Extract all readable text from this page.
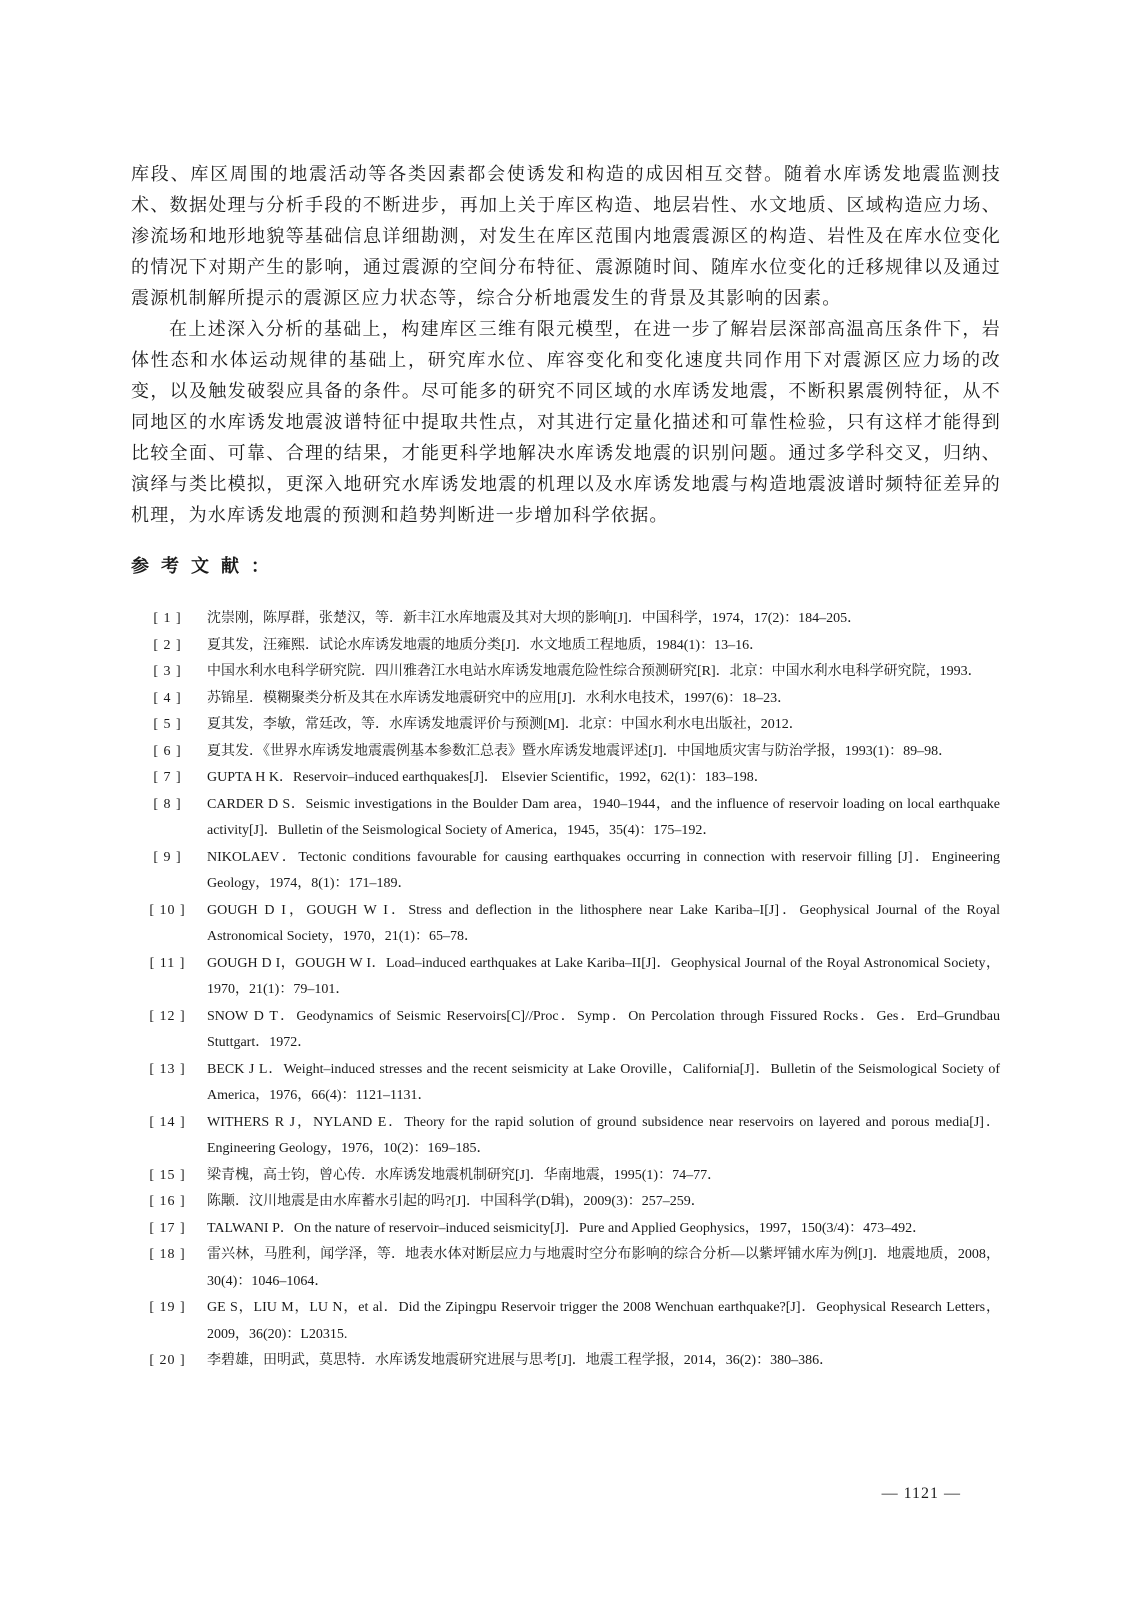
库段、库区周围的地震活动等各类因素都会使诱发和构造的成因相互交替。随着水库诱发地震监测技术、数据处理与分析手段的不断进步，再加上关于库区构造、地层岩性、水文地质、区域构造应力场、渗流场和地形地貌等基础信息详细勘测，对发生在库区范围内地震震源区的构造、岩性及在库水位变化的情况下对期产生的影响，通过震源的空间分布特征、震源随时间、随库水位变化的迁移规律以及通过震源机制解所提示的震源区应力状态等，综合分析地震发生的背景及其影响的因素。

在上述深入分析的基础上，构建库区三维有限元模型，在进一步了解岩层深部高温高压条件下，岩体性态和水体运动规律的基础上，研究库水位、库容变化和变化速度共同作用下对震源区应力场的改变，以及触发破裂应具备的条件。尽可能多的研究不同区域的水库诱发地震，不断积累震例特征，从不同地区的水库诱发地震波谱特征中提取共性点，对其进行定量化描述和可靠性检验，只有这样才能得到比较全面、可靠、合理的结果，才能更科学地解决水库诱发地震的识别问题。通过多学科交叉，归纳、演绎与类比模拟，更深入地研究水库诱发地震的机理以及水库诱发地震与构造地震波谱时频特征差异的机理，为水库诱发地震的预测和趋势判断进一步增加科学依据。

参考文献：
[ 1 ]	沈崇刚，陈厚群，张楚汉，等．新丰江水库地震及其对大坝的影响[J]．中国科学，1974，17(2)：184–205．
[ 2 ]	夏其发，汪雍熙．试论水库诱发地震的地质分类[J]．水文地质工程地质，1984(1)：13–16．
[ 3 ]	中国水利水电科学研究院．四川雅砻江水电站水库诱发地震危险性综合预测研究[R]．北京：中国水利水电科学研究院，1993．
[ 4 ]	苏锦星．模糊聚类分析及其在水库诱发地震研究中的应用[J]．水利水电技术，1997(6)：18–23．
[ 5 ]	夏其发，李敏，常廷改，等．水库诱发地震评价与预测[M]．北京：中国水利水电出版社，2012．
[ 6 ]	夏其发．《世界水库诱发地震震例基本参数汇总表》暨水库诱发地震评述[J]．中国地质灾害与防治学报，1993(1)：89–98．
[ 7 ]	GUPTA H K．Reservoir–induced earthquakes[J]． Elsevier Scientific，1992，62(1)：183–198．
[ 8 ]	CARDER D S．Seismic investigations in the Boulder Dam area，1940–1944，and the influence of reservoir loading on local earthquake activity[J]．Bulletin of the Seismological Society of America，1945，35(4)：175–192．
[ 9 ]	NIKOLAEV．Tectonic conditions favourable for causing earthquakes occurring in connection with reservoir filling [J]．Engineering Geology，1974，8(1)：171–189．
[ 10 ]	GOUGH D I，GOUGH W I．Stress and deflection in the lithosphere near Lake Kariba–I[J]．Geophysical Journal of the Royal Astronomical Society，1970，21(1)：65–78．
[ 11 ]	GOUGH D I，GOUGH W I．Load–induced earthquakes at Lake Kariba–II[J]．Geophysical Journal of the Royal Astronomical Society，1970，21(1)：79–101．
[ 12 ]	SNOW D T．Geodynamics of Seismic Reservoirs[C]//Proc．Symp．On Percolation through Fissured Rocks．Ges．Erd–Grundbau Stuttgart．1972．
[ 13 ]	BECK J L．Weight–induced stresses and the recent seismicity at Lake Oroville，California[J]．Bulletin of the Seismological Society of America，1976，66(4)：1121–1131．
[ 14 ]	WITHERS R J，NYLAND E．Theory for the rapid solution of ground subsidence near reservoirs on layered and porous media[J]．Engineering Geology，1976，10(2)：169–185．
[ 15 ]	梁青槐，高士钧，曾心传．水库诱发地震机制研究[J]．华南地震，1995(1)：74–77．
[ 16 ]	陈颙．汶川地震是由水库蓄水引起的吗?[J]．中国科学(D辑)，2009(3)：257–259．
[ 17 ]	TALWANI P．On the nature of reservoir–induced seismicity[J]．Pure and Applied Geophysics，1997，150(3/4)：473–492．
[ 18 ]	雷兴林，马胜利，闻学泽，等．地表水体对断层应力与地震时空分布影响的综合分析—以紫坪铺水库为例[J]．地震地质，2008，30(4)：1046–1064．
[ 19 ]	GE S，LIU M，LU N，et al．Did the Zipingpu Reservoir trigger the 2008 Wenchuan earthquake?[J]．Geophysical Research Letters，2009，36(20)：L20315.
[ 20 ]	李碧雄，田明武，莫思特．水库诱发地震研究进展与思考[J]．地震工程学报，2014，36(2)：380–386．
— 1121 —
